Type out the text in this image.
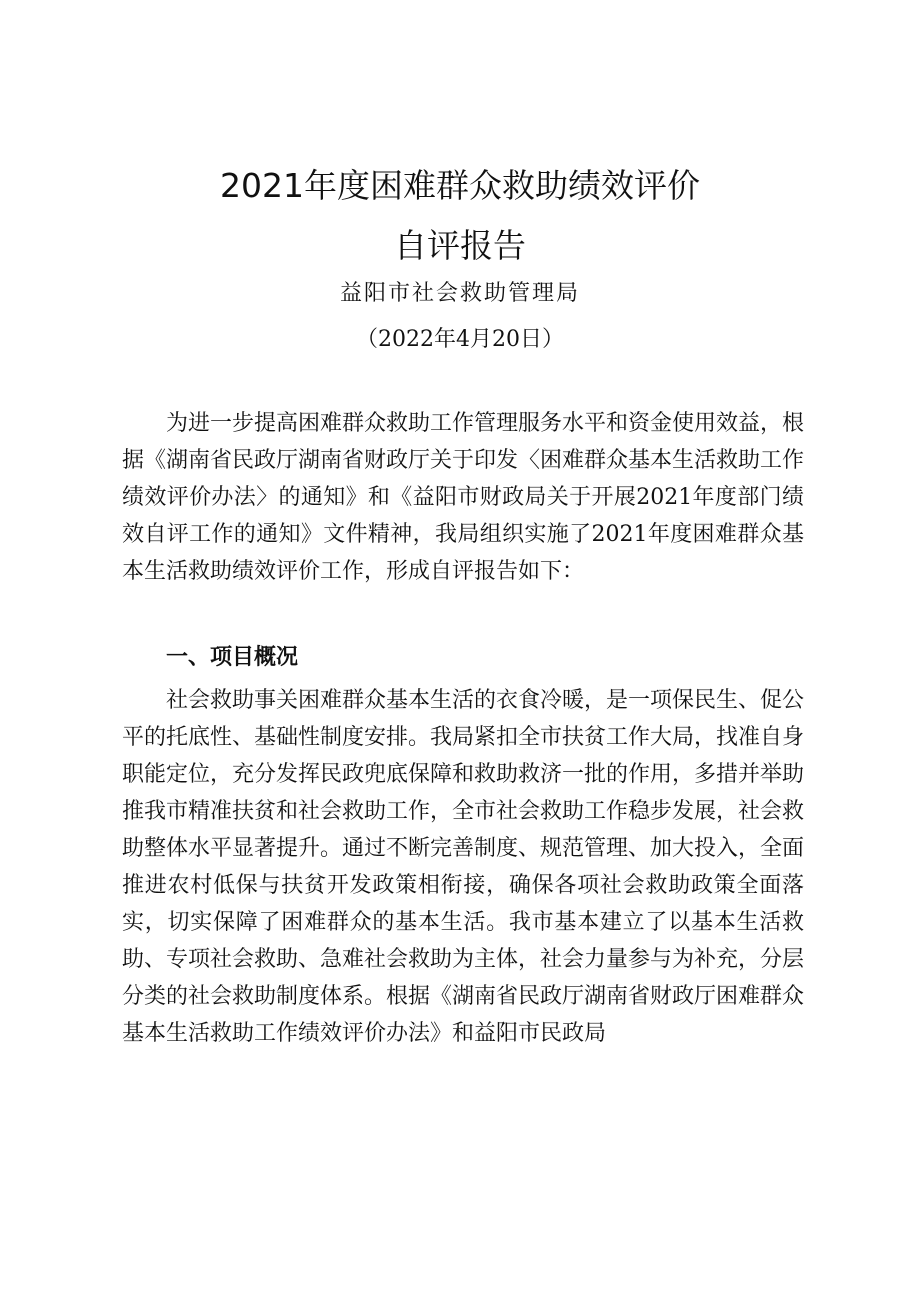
2021年度困难群众救助绩效评价
自评报告
益阳市社会救助管理局
（2022年4月20日）

为进一步提高困难群众救助工作管理服务水平和资金使用效益，根据《湖南省民政厅湖南省财政厅关于印发〈困难群众基本生活救助工作绩效评价办法〉的通知》和《益阳市财政局关于开展2021年度部门绩效自评工作的通知》文件精神，我局组织实施了2021年度困难群众基本生活救助绩效评价工作，形成自评报告如下：

一、项目概况

社会救助事关困难群众基本生活的衣食冷暖，是一项保民生、促公平的托底性、基础性制度安排。我局紧扣全市扶贫工作大局，找准自身职能定位，充分发挥民政兜底保障和救助救济一批的作用，多措并举助推我市精准扶贫和社会救助工作，全市社会救助工作稳步发展，社会救助整体水平显著提升。通过不断完善制度、规范管理、加大投入，全面推进农村低保与扶贫开发政策相衔接，确保各项社会救助政策全面落实，切实保障了困难群众的基本生活。我市基本建立了以基本生活救助、专项社会救助、急难社会救助为主体，社会力量参与为补充，分层分类的社会救助制度体系。根据《湖南省民政厅湖南省财政厅困难群众基本生活救助工作绩效评价办法》和益阳市民政局
